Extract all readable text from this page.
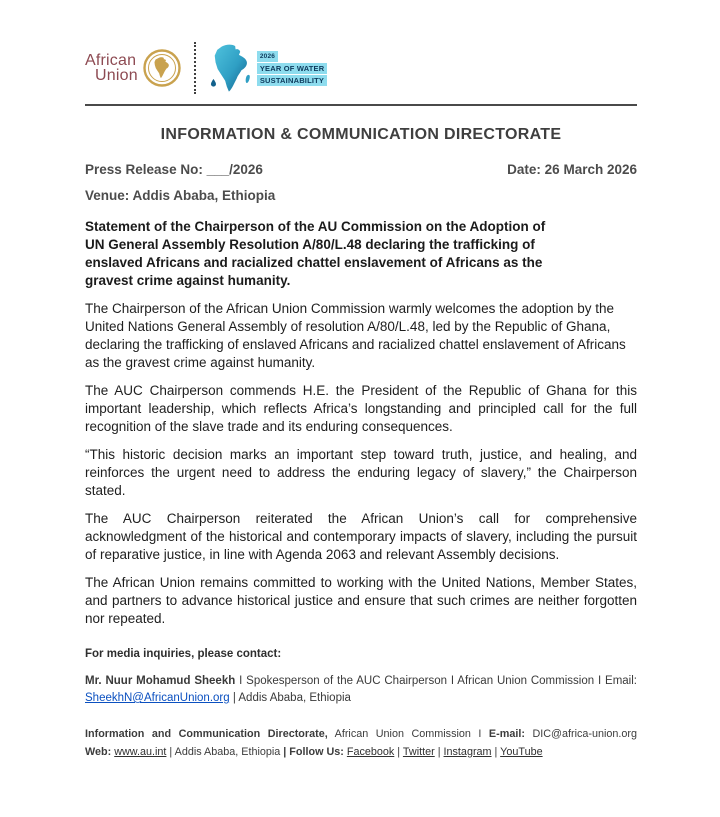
African
Union
2026
YEAR OF WATER
SUSTAINABILITY
INFORMATION & COMMUNICATION DIRECTORATE
Press Release No: ___/2026	Date: 26 March 2026
Venue: Addis Ababa, Ethiopia
Statement of the Chairperson of the AU Commission on the Adoption of
UN General Assembly Resolution A/80/L.48 declaring the trafficking of
enslaved Africans and racialized chattel enslavement of Africans as the
gravest crime against humanity.

The Chairperson of the African Union Commission warmly welcomes the adoption by the United Nations General Assembly of resolution A/80/L.48, led by the Republic of Ghana, declaring the trafficking of enslaved Africans and racialized chattel enslavement of Africans as the gravest crime against humanity.

The AUC Chairperson commends H.E. the President of the Republic of Ghana for this important leadership, which reflects Africa’s longstanding and principled call for the full recognition of the slave trade and its enduring consequences.

“This historic decision marks an important step toward truth, justice, and healing, and reinforces the urgent need to address the enduring legacy of slavery,” the Chairperson stated.

The AUC Chairperson reiterated the African Union’s call for comprehensive acknowledgment of the historical and contemporary impacts of slavery, including the pursuit of reparative justice, in line with Agenda 2063 and relevant Assembly decisions.

The African Union remains committed to working with the United Nations, Member States, and partners to advance historical justice and ensure that such crimes are neither forgotten nor repeated.

For media inquiries, please contact:
Mr. Nuur Mohamud Sheekh I Spokesperson of the AUC Chairperson I African Union Commission I Email: SheekhN@AfricanUnion.org | Addis Ababa, Ethiopia
Information and Communication Directorate, African Union Commission I E-mail: DIC@africa-union.org
Web: www.au.int | Addis Ababa, Ethiopia | Follow Us: Facebook | Twitter | Instagram | YouTube
